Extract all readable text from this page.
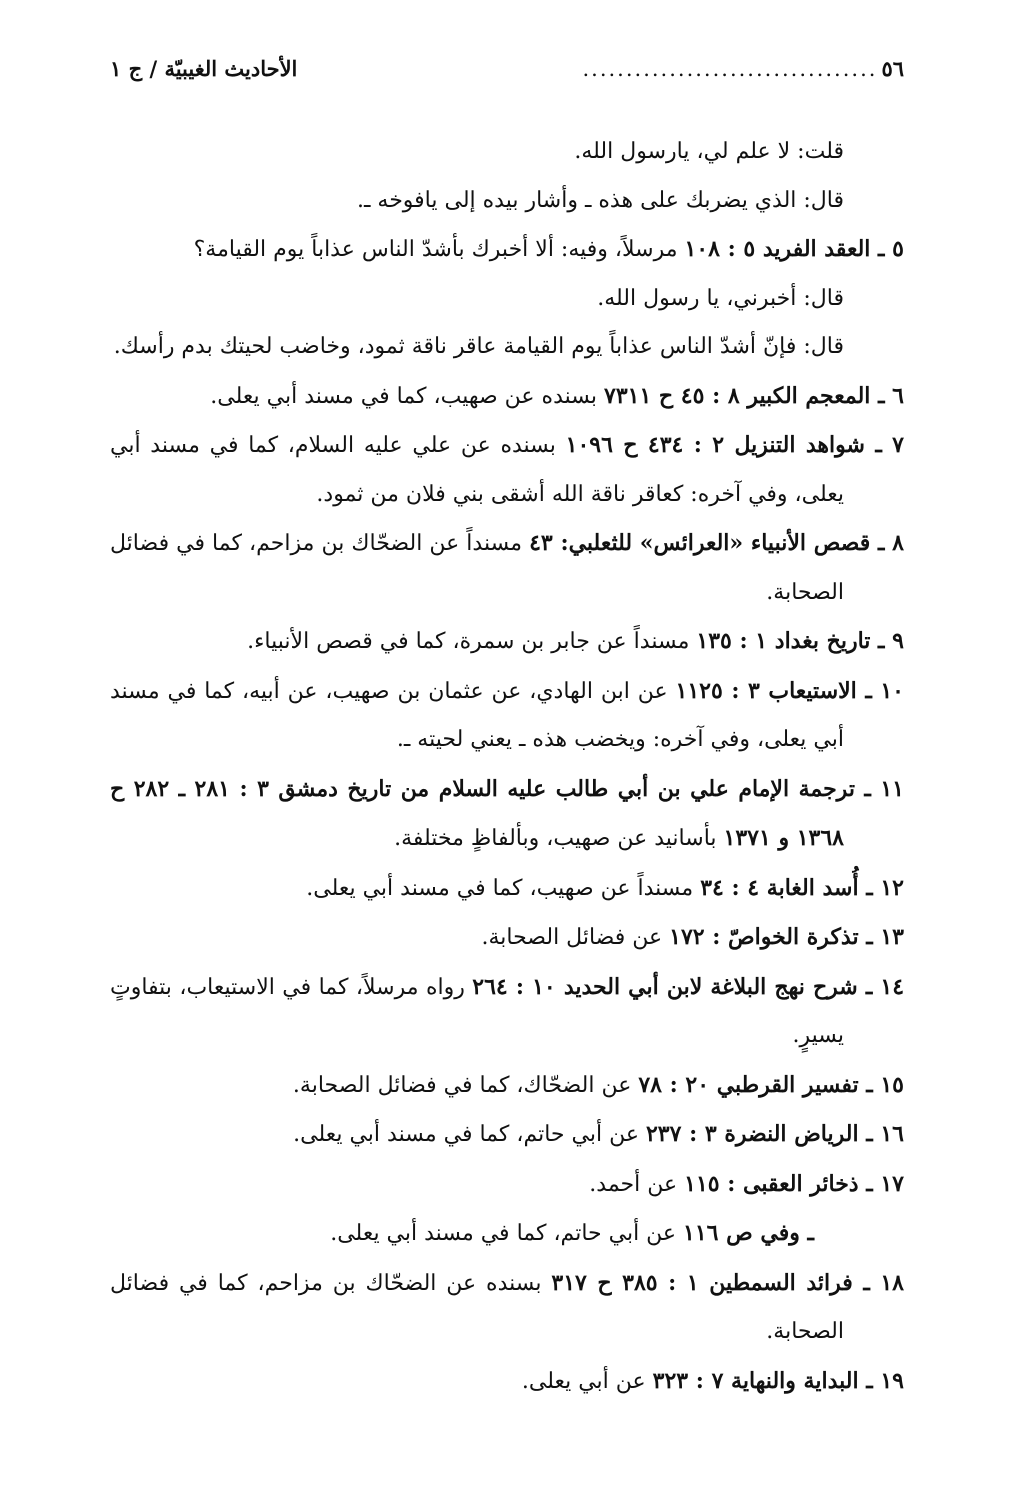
٥٦
..................................
الأحاديث الغيبيّة / ج ١
قلت: لا علم لي، يارسول الله.
قال: الذي يضربك على هذه ـ وأشار بيده إلى يافوخه ـ.
٥ ـ العقد الفريد ٥ : ١٠٨ مرسلاً، وفيه: ألا أخبرك بأشدّ الناس عذاباً يوم القيامة؟
قال: أخبرني، يا رسول الله.
قال: فإنّ أشدّ الناس عذاباً يوم القيامة عاقر ناقة ثمود، وخاضب لحيتك بدم رأسك.
٦ ـ المعجم الكبير ٨ : ٤٥ ح ٧٣١١ بسنده عن صهيب، كما في مسند أبي يعلى.
٧ ـ شواهد التنزيل ٢ : ٤٣٤ ح ١٠٩٦ بسنده عن علي عليه السلام، كما في مسند أبي يعلى، وفي آخره: كعاقر ناقة الله أشقى بني فلان من ثمود.
٨ ـ قصص الأنبياء «العرائس» للثعلبي: ٤٣ مسنداً عن الضحّاك بن مزاحم، كما في فضائل الصحابة.
٩ ـ تاريخ بغداد ١ : ١٣٥ مسنداً عن جابر بن سمرة، كما في قصص الأنبياء.
١٠ ـ الاستيعاب ٣ : ١١٢٥ عن ابن الهادي، عن عثمان بن صهيب، عن أبيه، كما في مسند أبي يعلى، وفي آخره: ويخضب هذه ـ يعني لحيته ـ.
١١ ـ ترجمة الإمام علي بن أبي طالب عليه السلام من تاريخ دمشق ٣ : ٢٨١ ـ ٢٨٢ ح ١٣٦٨ و ١٣٧١ بأسانيد عن صهيب، وبألفاظٍ مختلفة.
١٢ ـ أُسد الغابة ٤ : ٣٤ مسنداً عن صهيب، كما في مسند أبي يعلى.
١٣ ـ تذكرة الخواصّ : ١٧٢ عن فضائل الصحابة.
١٤ ـ شرح نهج البلاغة لابن أبي الحديد ١٠ : ٢٦٤ رواه مرسلاً، كما في الاستيعاب، بتفاوتٍ يسيرٍ.
١٥ ـ تفسير القرطبي ٢٠ : ٧٨ عن الضحّاك، كما في فضائل الصحابة.
١٦ ـ الرياض النضرة ٣ : ٢٣٧ عن أبي حاتم، كما في مسند أبي يعلى.
١٧ ـ ذخائر العقبى : ١١٥ عن أحمد.
ـ وفي ص ١١٦ عن أبي حاتم، كما في مسند أبي يعلى.
١٨ ـ فرائد السمطين ١ : ٣٨٥ ح ٣١٧ بسنده عن الضحّاك بن مزاحم، كما في فضائل الصحابة.
١٩ ـ البداية والنهاية ٧ : ٣٢٣ عن أبي يعلى.
